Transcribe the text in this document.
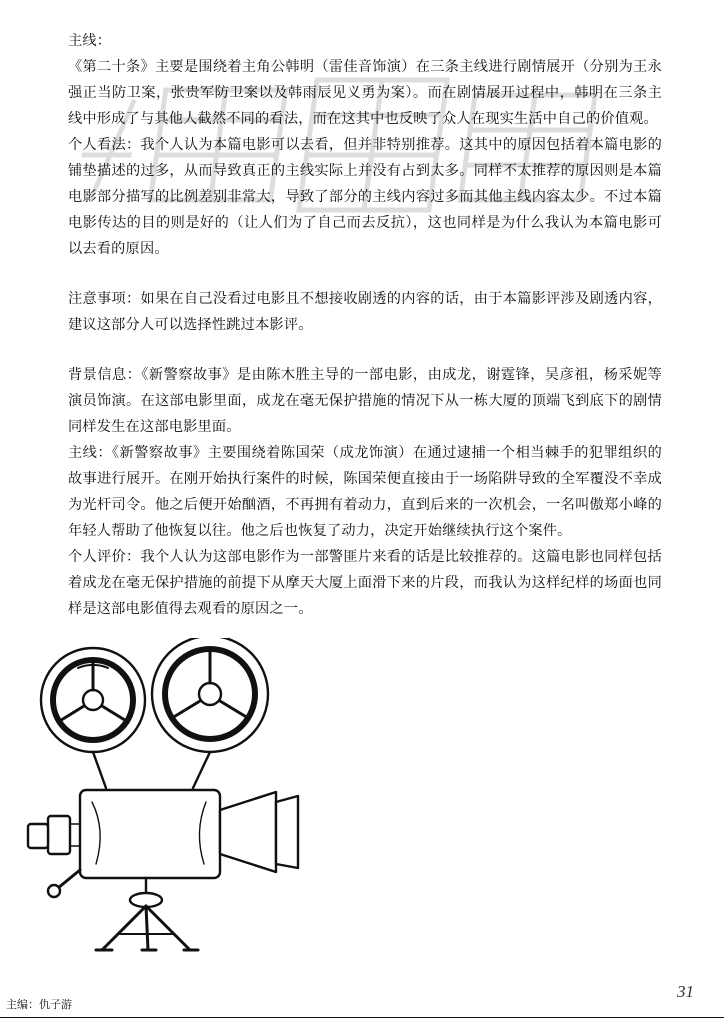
主线：

《第二十条》主要是围绕着主角公韩明（雷佳音饰演）在三条主线进行剧情展开（分别为王永强正当防卫案，张贵军防卫案以及韩雨辰见义勇为案）。而在剧情展开过程中，韩明在三条主线中形成了与其他人截然不同的看法，而在这其中也反映了众人在现实生活中自己的价值观。

个人看法：我个人认为本篇电影可以去看，但并非特别推荐。这其中的原因包括着本篇电影的铺垫描述的过多，从而导致真正的主线实际上并没有占到太多。同样不太推荐的原因则是本篇电影部分描写的比例差别非常大，导致了部分的主线内容过多而其他主线内容太少。不过本篇电影传达的目的则是好的（让人们为了自己而去反抗），这也同样是为什么我认为本篇电影可以去看的原因。

注意事项：如果在自己没看过电影且不想接收剧透的内容的话，由于本篇影评涉及剧透内容，建议这部分人可以选择性跳过本影评。

背景信息：《新警察故事》是由陈木胜主导的一部电影，由成龙，谢霆锋，吴彦祖，杨采妮等演员饰演。在这部电影里面，成龙在毫无保护措施的情况下从一栋大厦的顶端飞到底下的剧情同样发生在这部电影里面。

主线：《新警察故事》主要围绕着陈国荣（成龙饰演）在通过逮捕一个相当棘手的犯罪组织的故事进行展开。在刚开始执行案件的时候，陈国荣便直接由于一场陷阱导致的全军覆没不幸成为光杆司令。他之后便开始酗酒，不再拥有着动力，直到后来的一次机会，一名叫傲郑小峰的年轻人帮助了他恢复以往。他之后也恢复了动力，决定开始继续执行这个案件。

个人评价：我个人认为这部电影作为一部警匪片来看的话是比较推荐的。这篇电影也同样包括着成龙在毫无保护措施的前提下从摩天大厦上面滑下来的片段，而我认为这样纪样的场面也同样是这部电影值得去观看的原因之一。

主编：仇子游
31
